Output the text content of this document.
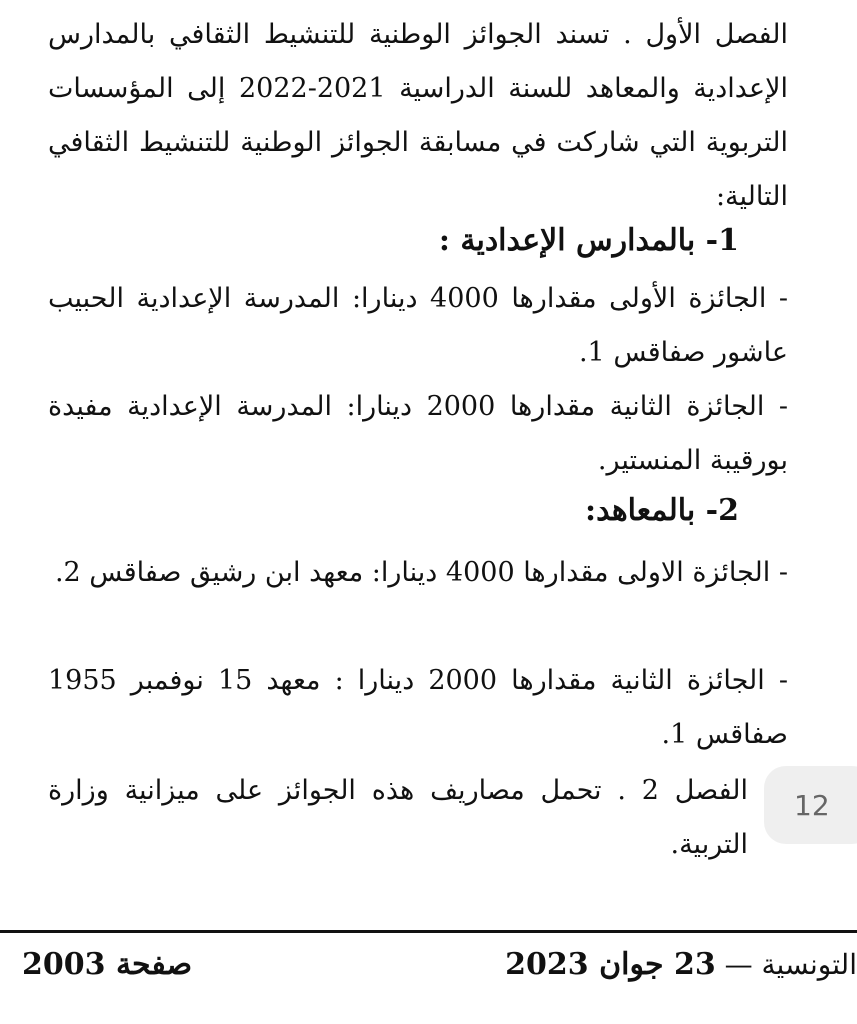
الفصل الأول . تسند الجوائز الوطنية للتنشيط الثقافي بالمدارس الإعدادية والمعاهد للسنة الدراسية 2021-2022 إلى المؤسسات التربوية التي شاركت في مسابقة الجوائز الوطنية للتنشيط الثقافي التالية:
1- بالمدارس الإعدادية :
- الجائزة الأولى مقدارها 4000 دينارا: المدرسة الإعدادية الحبيب عاشور صفاقس 1.
- الجائزة الثانية مقدارها 2000 دينارا: المدرسة الإعدادية مفيدة بورقيبة المنستير.
2- بالمعاهد:
- الجائزة الاولى مقدارها 4000 دينارا: معهد ابن رشيق صفاقس 2.
- الجائزة الثانية مقدارها 2000 دينارا : معهد 15 نوفمبر 1955 صفاقس 1.
12
الفصل 2 . تحمل مصاريف هذه الجوائز على ميزانية وزارة التربية.
صفحة 2003	التونسية — 23 جوان 2023
